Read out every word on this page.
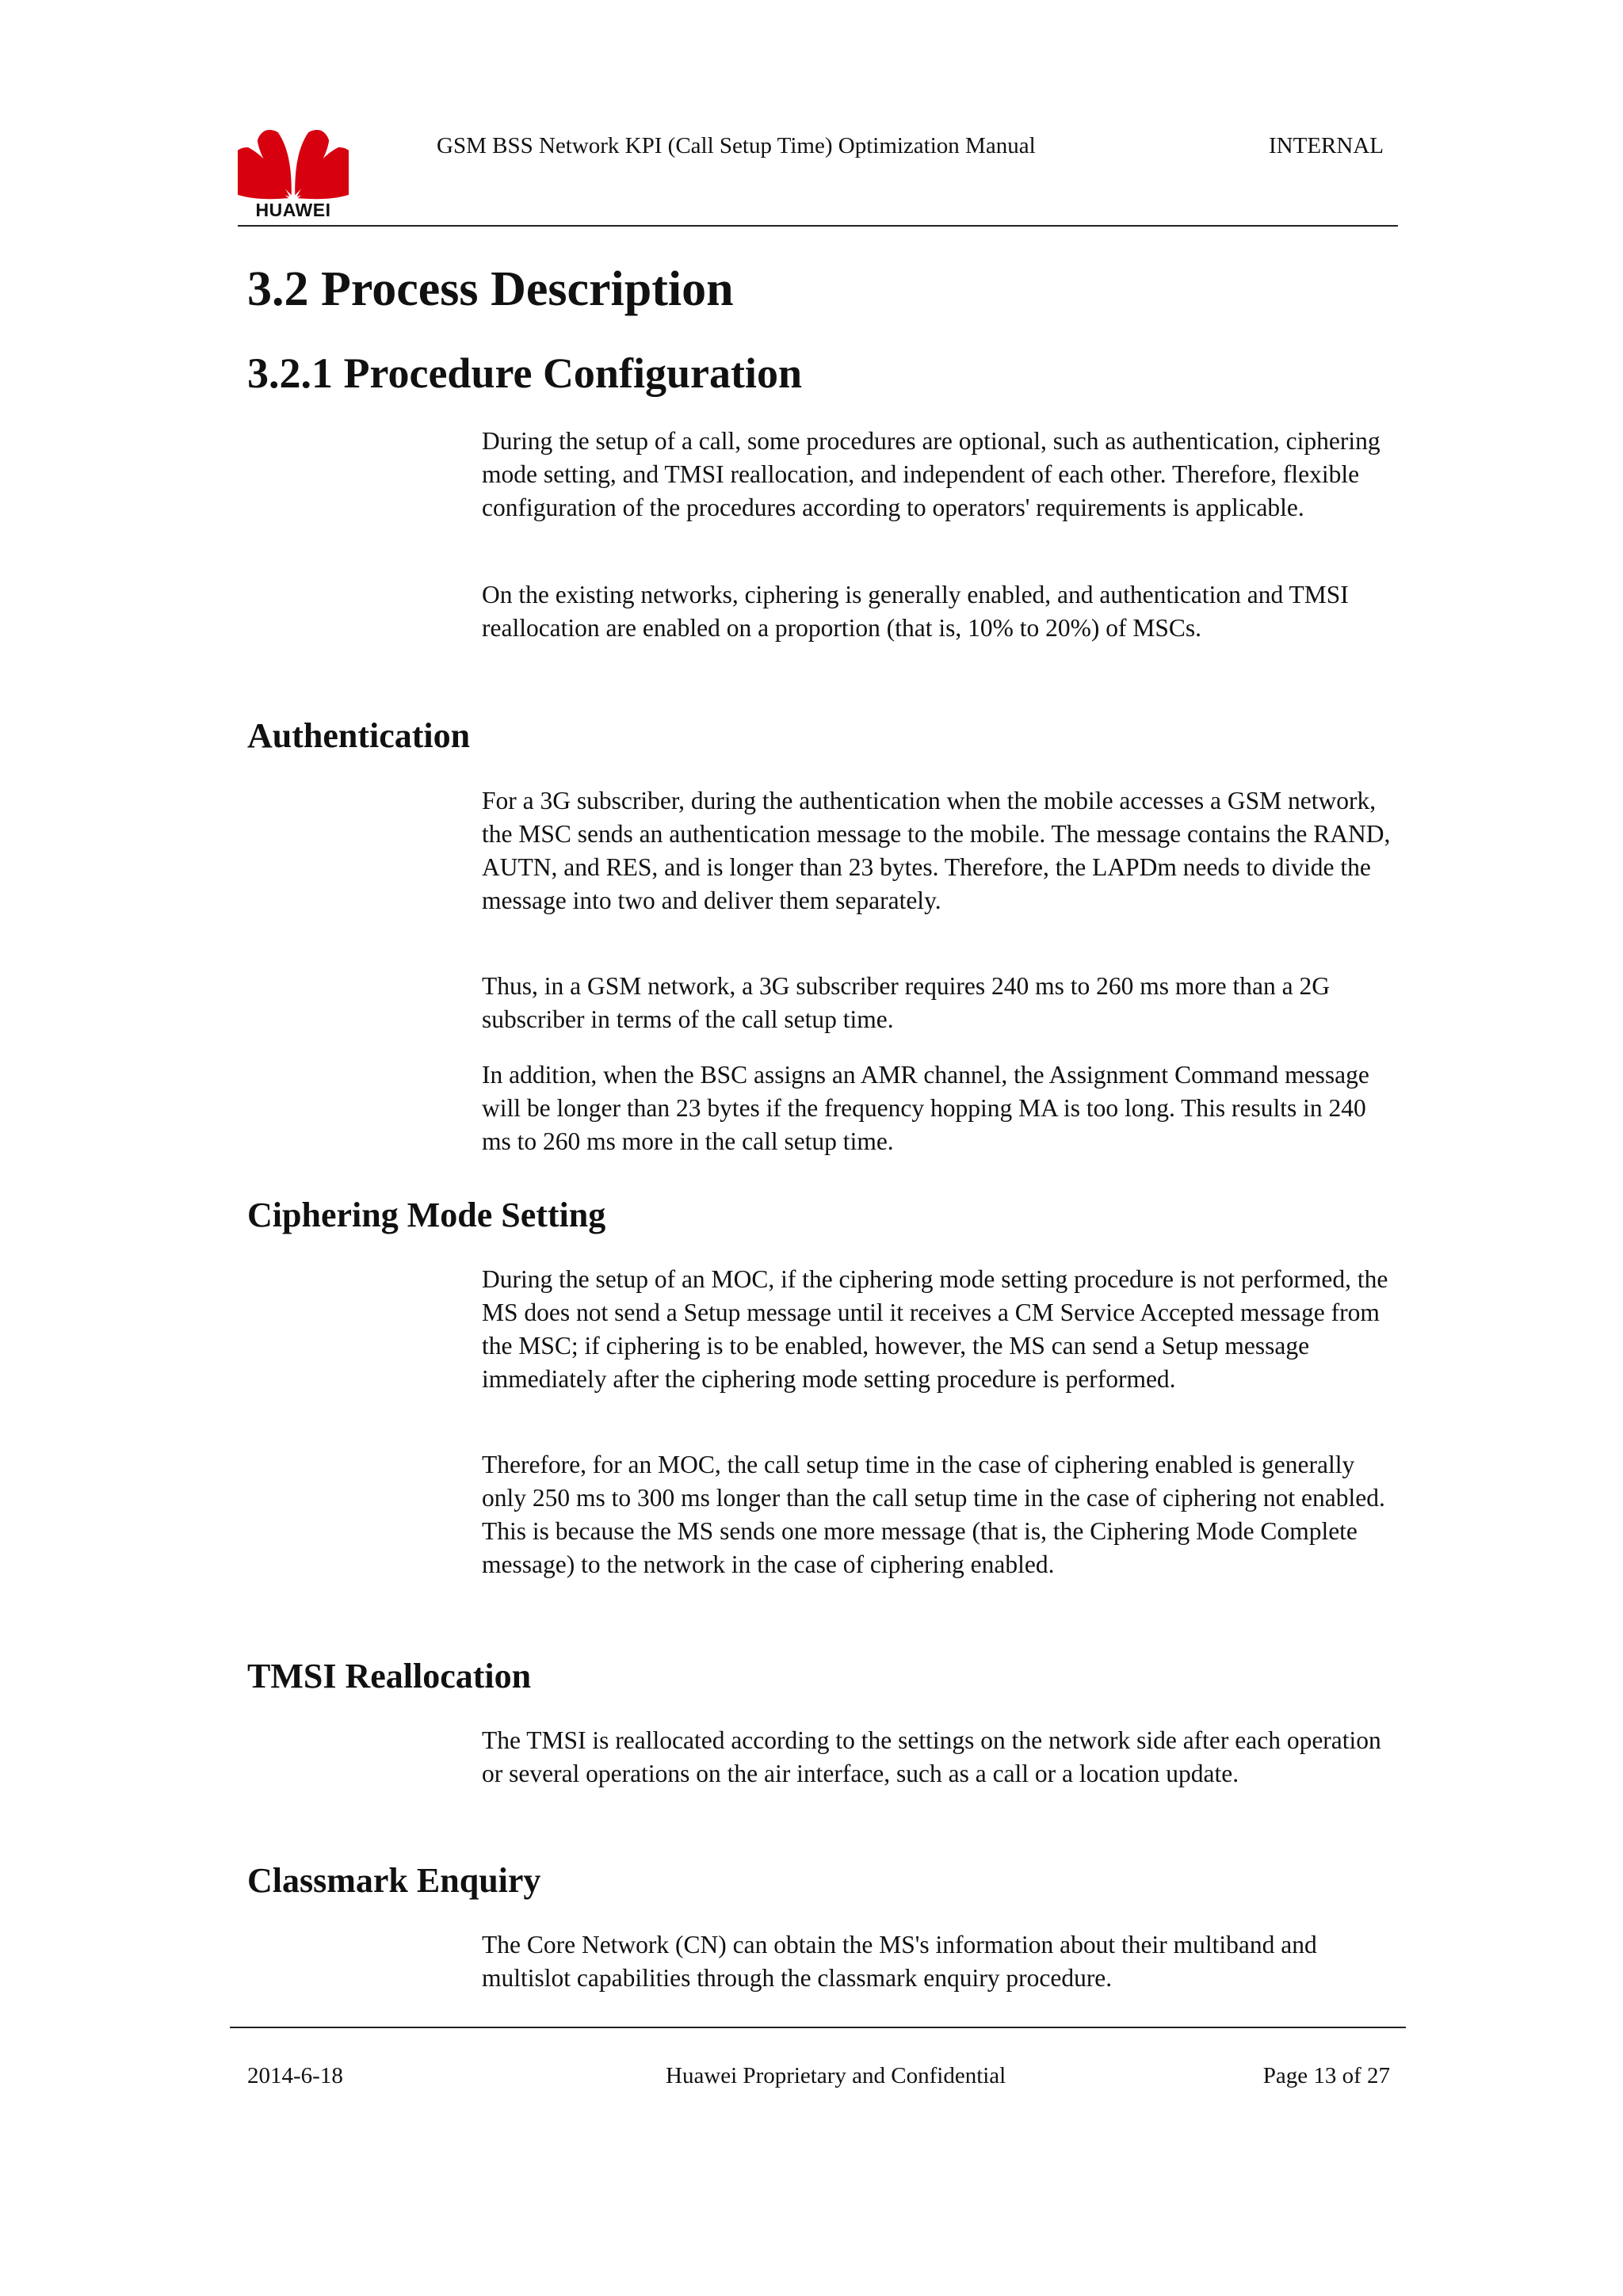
HUAWEI
GSM BSS Network KPI (Call Setup Time) Optimization Manual	INTERNAL
3.2 Process Description
3.2.1 Procedure Configuration

During the setup of a call, some procedures are optional, such as authentication, ciphering mode setting, and TMSI reallocation, and independent of each other. Therefore, flexible configuration of the procedures according to operators' requirements is applicable.

On the existing networks, ciphering is generally enabled, and authentication and TMSI reallocation are enabled on a proportion (that is, 10% to 20%) of MSCs.

Authentication

For a 3G subscriber, during the authentication when the mobile accesses a GSM network, the MSC sends an authentication message to the mobile. The message contains the RAND, AUTN, and RES, and is longer than 23 bytes. Therefore, the LAPDm needs to divide the message into two and deliver them separately.

Thus, in a GSM network, a 3G subscriber requires 240 ms to 260 ms more than a 2G subscriber in terms of the call setup time.

In addition, when the BSC assigns an AMR channel, the Assignment Command message will be longer than 23 bytes if the frequency hopping MA is too long. This results in 240 ms to 260 ms more in the call setup time.

Ciphering Mode Setting

During the setup of an MOC, if the ciphering mode setting procedure is not performed, the MS does not send a Setup message until it receives a CM Service Accepted message from the MSC; if ciphering is to be enabled, however, the MS can send a Setup message immediately after the ciphering mode setting procedure is performed.

Therefore, for an MOC, the call setup time in the case of ciphering enabled is generally only 250 ms to 300 ms longer than the call setup time in the case of ciphering not enabled. This is because the MS sends one more message (that is, the Ciphering Mode Complete message) to the network in the case of ciphering enabled.

TMSI Reallocation

The TMSI is reallocated according to the settings on the network side after each operation or several operations on the air interface, such as a call or a location update.

Classmark Enquiry

The Core Network (CN) can obtain the MS's information about their multiband and multislot capabilities through the classmark enquiry procedure.

2014-6-18	Huawei Proprietary and Confidential	Page 13 of 27
